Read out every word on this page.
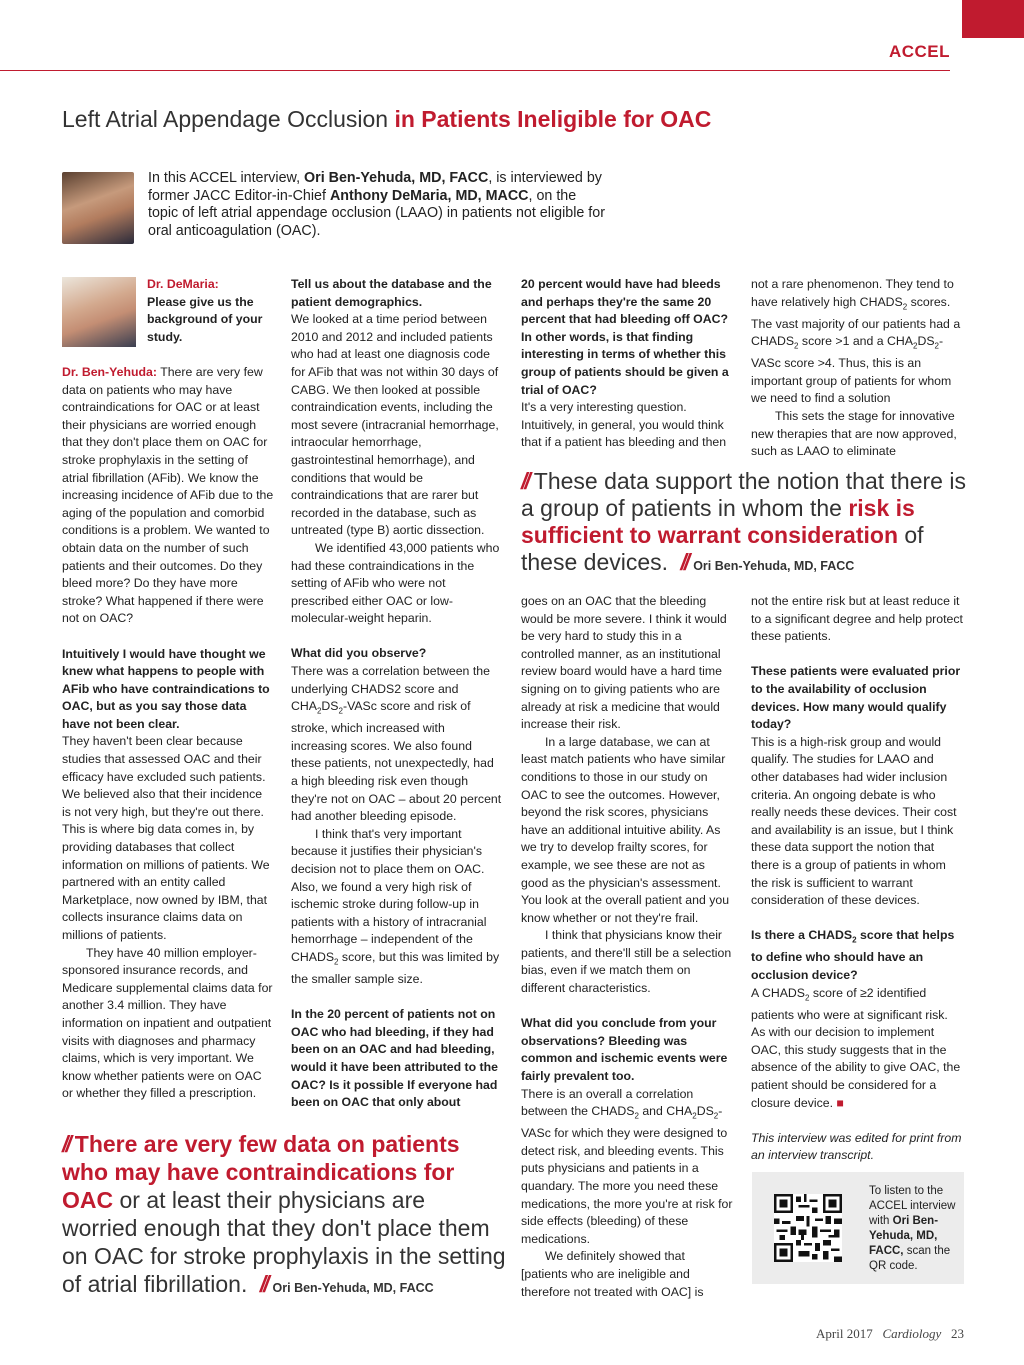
ACCEL
Left Atrial Appendage Occlusion in Patients Ineligible for OAC

In this ACCEL interview, Ori Ben-Yehuda, MD, FACC, is interviewed by former JACC Editor-in-Chief Anthony DeMaria, MD, MACC, on the topic of left atrial appendage occlusion (LAAO) in patients not eligible for oral anticoagulation (OAC).

Dr. DeMaria:
Please give us the background of your study.

Dr. Ben-Yehuda: There are very few data on patients who may have contraindications for OAC or at least their physicians are worried enough that they don't place them on OAC for stroke prophylaxis in the setting of atrial fibrillation (AFib). We know the increasing incidence of AFib due to the aging of the population and comorbid conditions is a problem. We wanted to obtain data on the number of such patients and their outcomes. Do they bleed more? Do they have more stroke? What happened if there were not on OAC?

Intuitively I would have thought we knew what happens to people with AFib who have contraindications to OAC, but as you say those data have not been clear.

They haven't been clear because studies that assessed OAC and their efficacy have excluded such patients. We believed also that their incidence is not very high, but they're out there. This is where big data comes in, by providing databases that collect information on millions of patients. We partnered with an entity called Marketplace, now owned by IBM, that collects insurance claims data on millions of patients.

They have 40 million employer-sponsored insurance records, and Medicare supplemental claims data for another 3.4 million. They have information on inpatient and outpatient visits with diagnoses and pharmacy claims, which is very important. We know whether patients were on OAC or whether they filled a prescription.

Tell us about the database and the patient demographics.

We looked at a time period between 2010 and 2012 and included patients who had at least one diagnosis code for AFib that was not within 30 days of CABG. We then looked at possible contraindication events, including the most severe (intracranial hemorrhage, intraocular hemorrhage, gastrointestinal hemorrhage), and conditions that would be contraindications that are rarer but recorded in the database, such as untreated (type B) aortic dissection.

We identified 43,000 patients who had these contraindications in the setting of AFib who were not prescribed either OAC or low-molecular-weight heparin.

What did you observe?

There was a correlation between the underlying CHADS2 score and $CHA_2DS_2$-VASc score and risk of stroke, which increased with increasing scores. We also found these patients, not unexpectedly, had a high bleeding risk even though they're not on OAC – about 20 percent had another bleeding episode.

I think that's very important because it justifies their physician's decision not to place them on OAC. Also, we found a very high risk of ischemic stroke during follow-up in patients with a history of intracranial hemorrhage – independent of the $CHADS_2$ score, but this was limited by the smaller sample size.

In the 20 percent of patients not on OAC who had bleeding, if they had been on an OAC and had bleeding, would it have been attributed to the OAC? Is it possible If everyone had been on OAC that only about

20 percent would have had bleeds and perhaps they're the same 20 percent that had bleeding off OAC? In other words, is that finding interesting in terms of whether this group of patients should be given a trial of OAC?

It's a very interesting question. Intuitively, in general, you would think that if a patient has bleeding and then

not a rare phenomenon. They tend to have relatively high $CHADS_2$ scores. The vast majority of our patients had a $CHADS_2$ score >1 and a $CHA_2DS_2$-VASc score >4. Thus, this is an important group of patients for whom we need to find a solution

This sets the stage for innovative new therapies that are now approved, such as LAAO to eliminate

// These data support the notion that there is a group of patients in whom the risk is sufficient to warrant consideration of these devices. // Ori Ben-Yehuda, MD, FACC

goes on an OAC that the bleeding would be more severe. I think it would be very hard to study this in a controlled manner, as an institutional review board would have a hard time signing on to giving patients who are already at risk a medicine that would increase their risk.

In a large database, we can at least match patients who have similar conditions to those in our study on OAC to see the outcomes. However, beyond the risk scores, physicians have an additional intuitive ability. As we try to develop frailty scores, for example, we see these are not as good as the physician's assessment. You look at the overall patient and you know whether or not they're frail.

I think that physicians know their patients, and there'll still be a selection bias, even if we match them on different characteristics.

What did you conclude from your observations? Bleeding was common and ischemic events were fairly prevalent too.

There is an overall a correlation between the $CHADS_2$ and $CHA_2DS_2$-VASc for which they were designed to detect risk, and bleeding events. This puts physicians and patients in a quandary. The more you need these medications, the more you're at risk for side effects (bleeding) of these medications.

We definitely showed that [patients who are ineligible and therefore not treated with OAC] is

not the entire risk but at least reduce it to a significant degree and help protect these patients.

These patients were evaluated prior to the availability of occlusion devices. How many would qualify today?

This is a high-risk group and would qualify. The studies for LAAO and other databases had wider inclusion criteria. An ongoing debate is who really needs these devices. Their cost and availability is an issue, but I think these data support the notion that there is a group of patients in whom the risk is sufficient to warrant consideration of these devices.

Is there a $CHADS_2$ score that helps to define who should have an occlusion device?

A $CHADS_2$ score of ≥2 identified patients who were at significant risk. As with our decision to implement OAC, this study suggests that in the absence of the ability to give OAC, the patient should be considered for a closure device. ■

This interview was edited for print from an interview transcript.

// There are very few data on patients who may have contraindications for OAC or at least their physicians are worried enough that they don't place them on OAC for stroke prophylaxis in the setting of atrial fibrillation. // Ori Ben-Yehuda, MD, FACC

To listen to the ACCEL interview with Ori Ben-Yehuda, MD, FACC, scan the QR code.

April 2017 Cardiology 23
